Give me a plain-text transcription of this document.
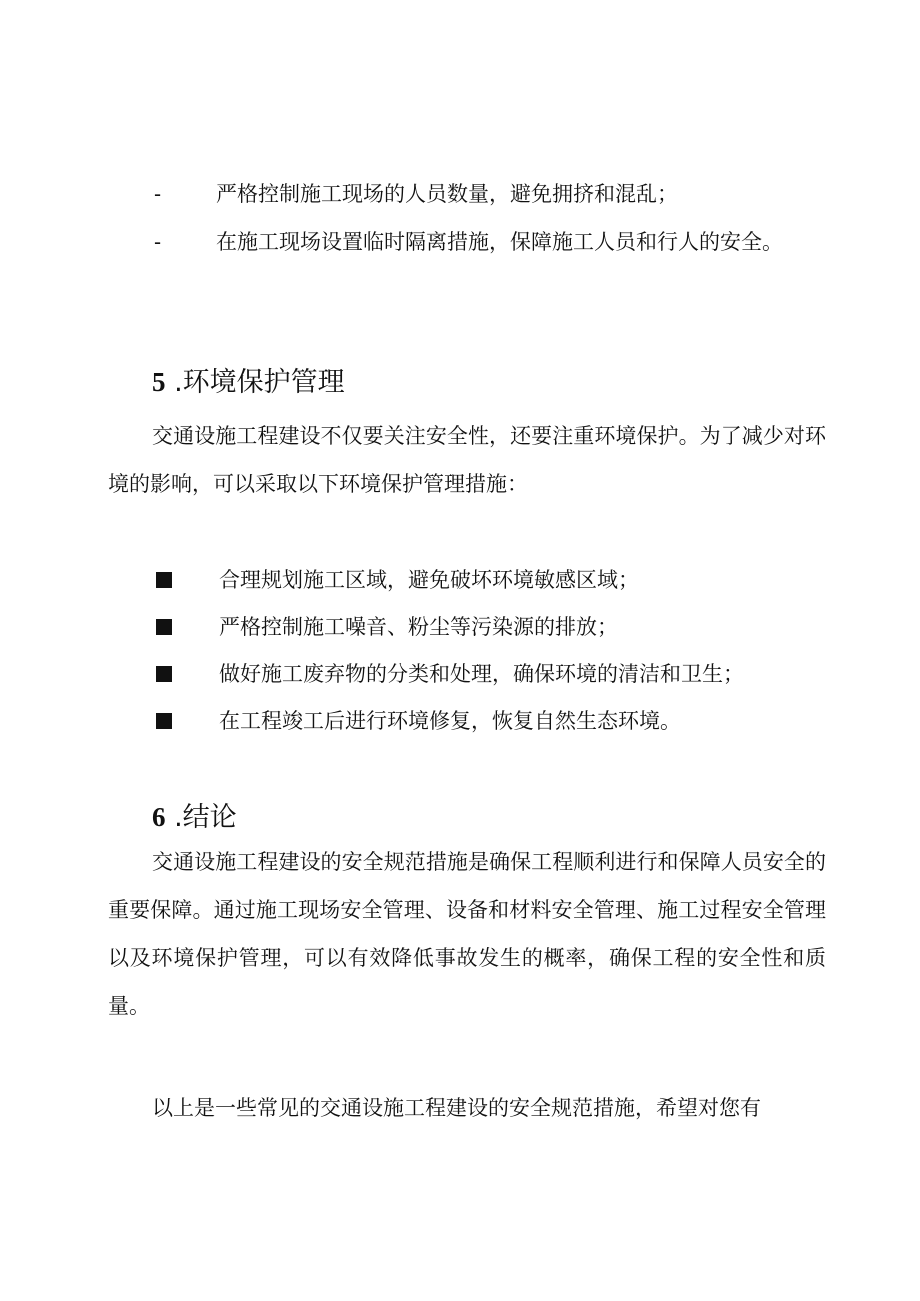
-	严格控制施工现场的人员数量，避免拥挤和混乱；
-	在施工现场设置临时隔离措施，保障施工人员和行人的安全。
5 .环境保护管理

交通设施工程建设不仅要关注安全性，还要注重环境保护。为了减少对环境的影响，可以采取以下环境保护管理措施：

合理规划施工区域，避免破坏环境敏感区域；
严格控制施工噪音、粉尘等污染源的排放；
做好施工废弃物的分类和处理，确保环境的清洁和卫生；
在工程竣工后进行环境修复，恢复自然生态环境。
6 .结论

交通设施工程建设的安全规范措施是确保工程顺利进行和保障人员安全的重要保障。通过施工现场安全管理、设备和材料安全管理、施工过程安全管理以及环境保护管理，可以有效降低事故发生的概率，确保工程的安全性和质量。

以上是一些常见的交通设施工程建设的安全规范措施，希望对您有
